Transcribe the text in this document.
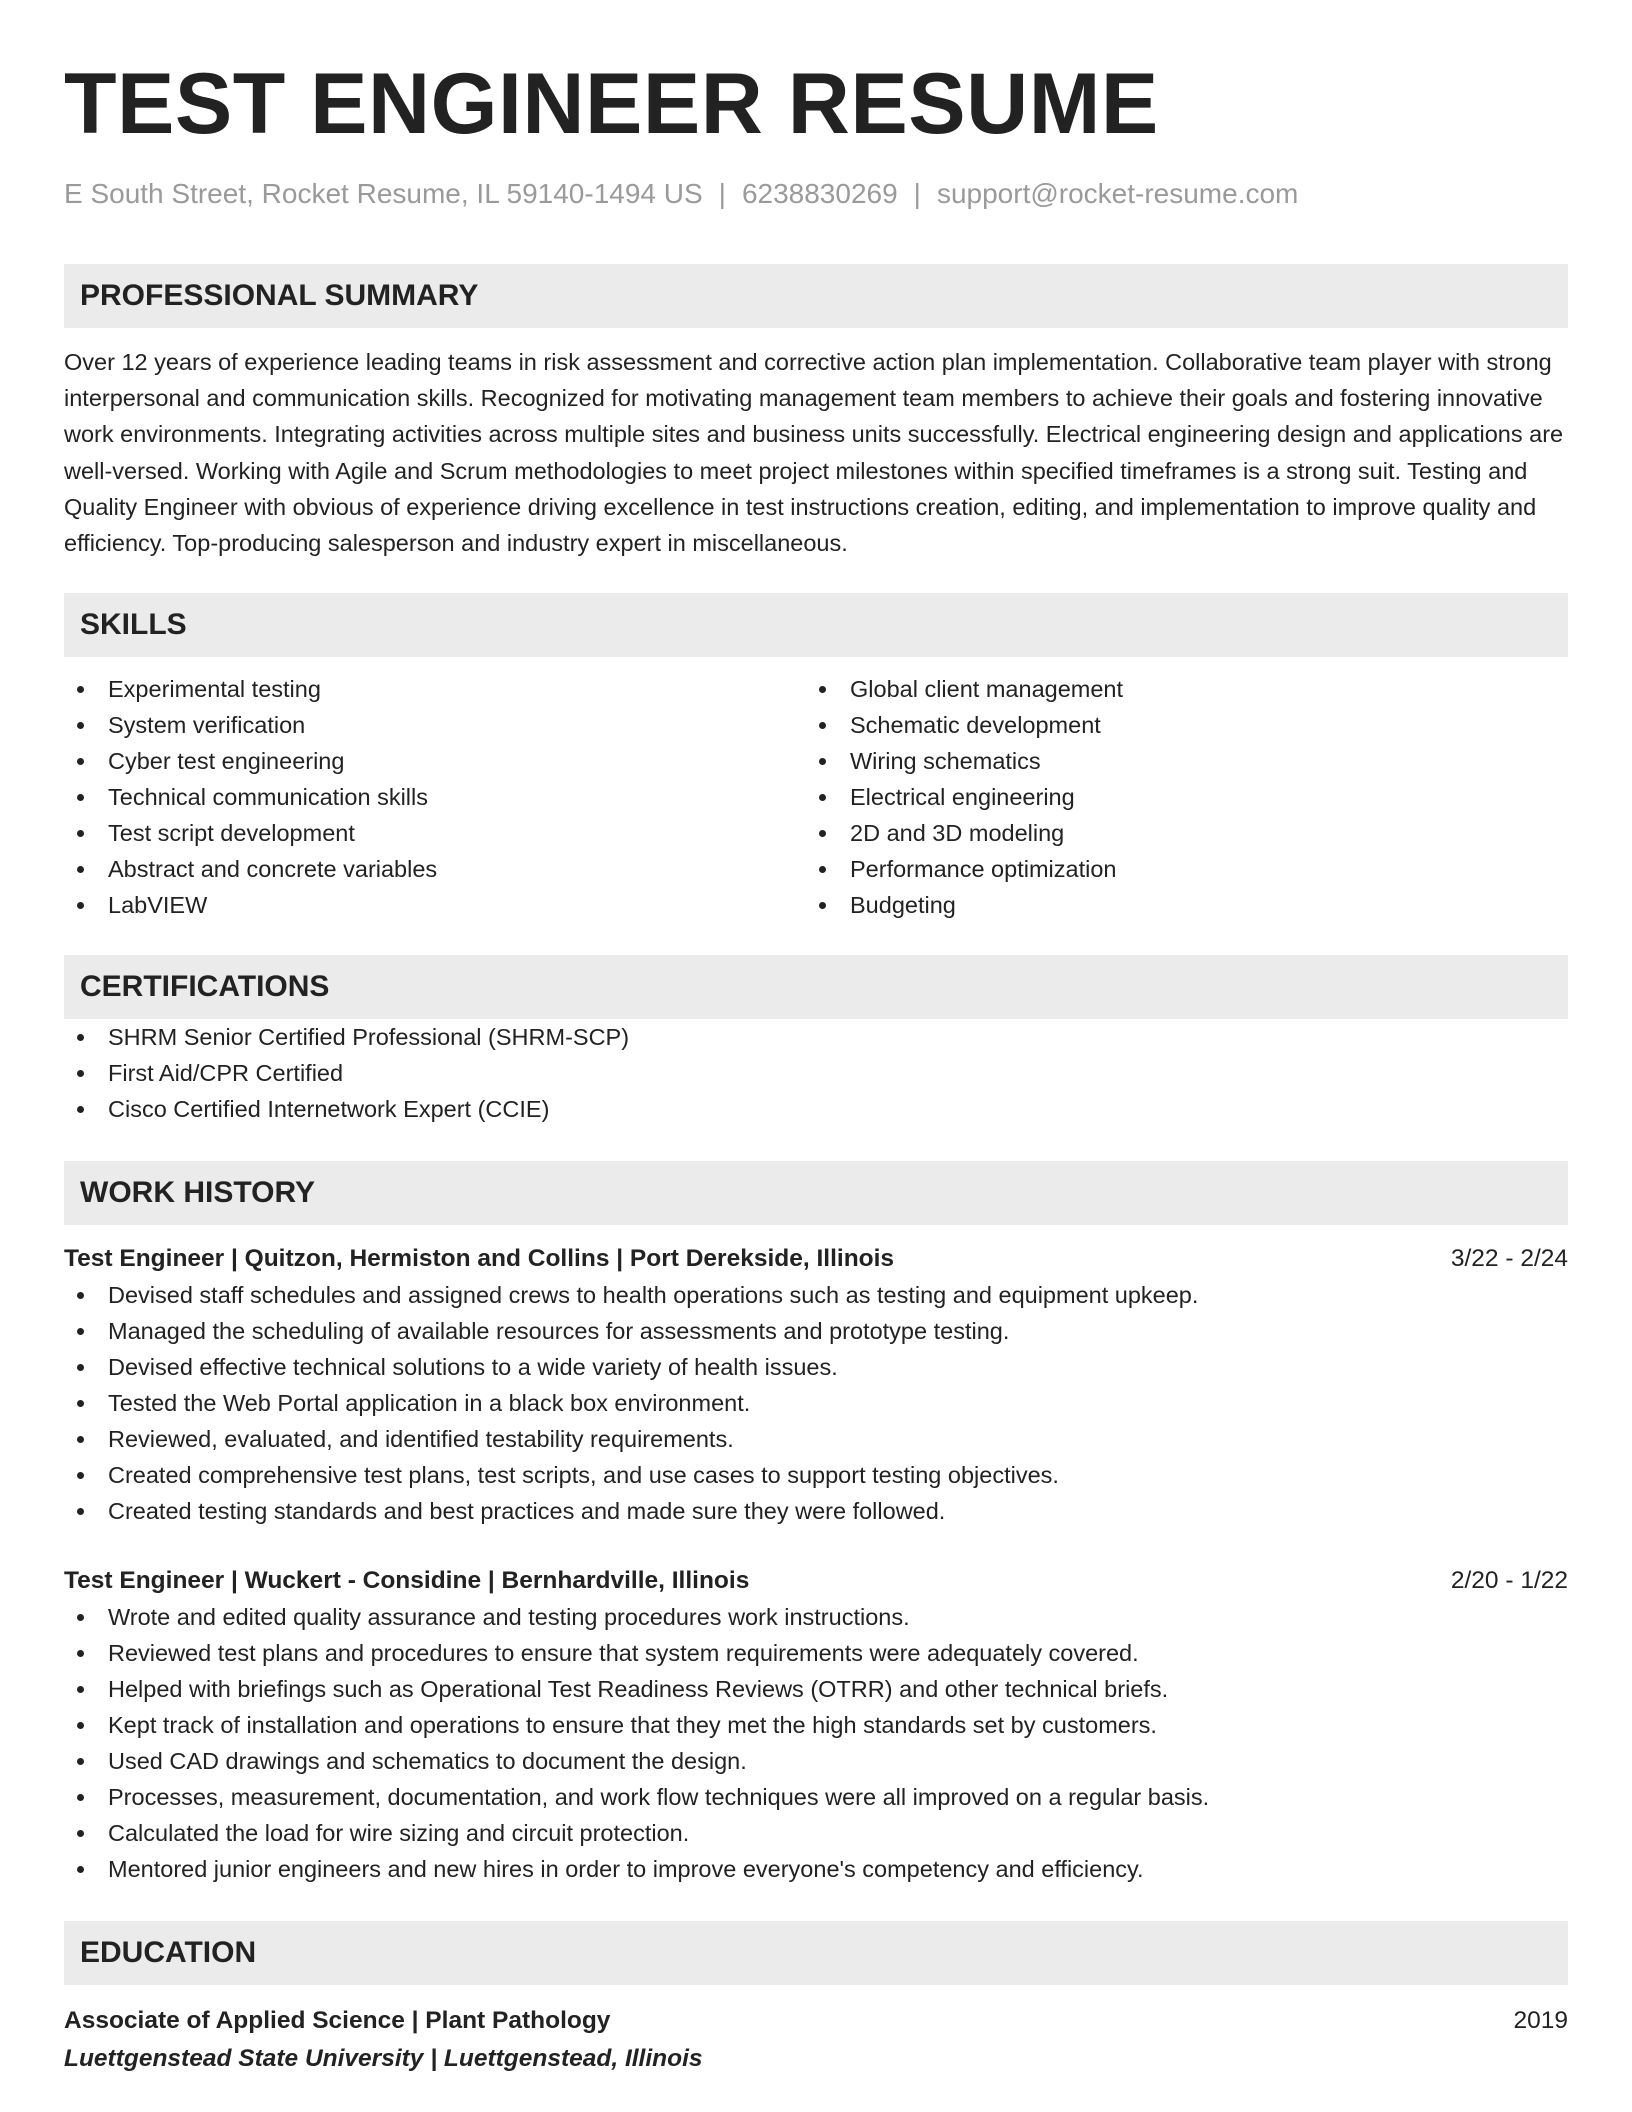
TEST ENGINEER RESUME
E South Street, Rocket Resume, IL 59140-1494 US | 6238830269 | support@rocket-resume.com
PROFESSIONAL SUMMARY

Over 12 years of experience leading teams in risk assessment and corrective action plan implementation. Collaborative team player with strong interpersonal and communication skills. Recognized for motivating management team members to achieve their goals and fostering innovative work environments. Integrating activities across multiple sites and business units successfully. Electrical engineering design and applications are well-versed. Working with Agile and Scrum methodologies to meet project milestones within specified timeframes is a strong suit. Testing and Quality Engineer with obvious of experience driving excellence in test instructions creation, editing, and implementation to improve quality and efficiency. Top-producing salesperson and industry expert in miscellaneous.

SKILLS
Experimental testing
System verification
Cyber test engineering
Technical communication skills
Test script development
Abstract and concrete variables
LabVIEW
Global client management
Schematic development
Wiring schematics
Electrical engineering
2D and 3D modeling
Performance optimization
Budgeting
CERTIFICATIONS
SHRM Senior Certified Professional (SHRM-SCP)
First Aid/CPR Certified
Cisco Certified Internetwork Expert (CCIE)
WORK HISTORY
Test Engineer | Quitzon, Hermiston and Collins | Port Derekside, Illinois	3/22 - 2/24
Devised staff schedules and assigned crews to health operations such as testing and equipment upkeep.
Managed the scheduling of available resources for assessments and prototype testing.
Devised effective technical solutions to a wide variety of health issues.
Tested the Web Portal application in a black box environment.
Reviewed, evaluated, and identified testability requirements.
Created comprehensive test plans, test scripts, and use cases to support testing objectives.
Created testing standards and best practices and made sure they were followed.
Test Engineer | Wuckert - Considine | Bernhardville, Illinois	2/20 - 1/22
Wrote and edited quality assurance and testing procedures work instructions.
Reviewed test plans and procedures to ensure that system requirements were adequately covered.
Helped with briefings such as Operational Test Readiness Reviews (OTRR) and other technical briefs.
Kept track of installation and operations to ensure that they met the high standards set by customers.
Used CAD drawings and schematics to document the design.
Processes, measurement, documentation, and work flow techniques were all improved on a regular basis.
Calculated the load for wire sizing and circuit protection.
Mentored junior engineers and new hires in order to improve everyone's competency and efficiency.
EDUCATION
Associate of Applied Science | Plant Pathology	2019
Luettgenstead State University | Luettgenstead, Illinois
